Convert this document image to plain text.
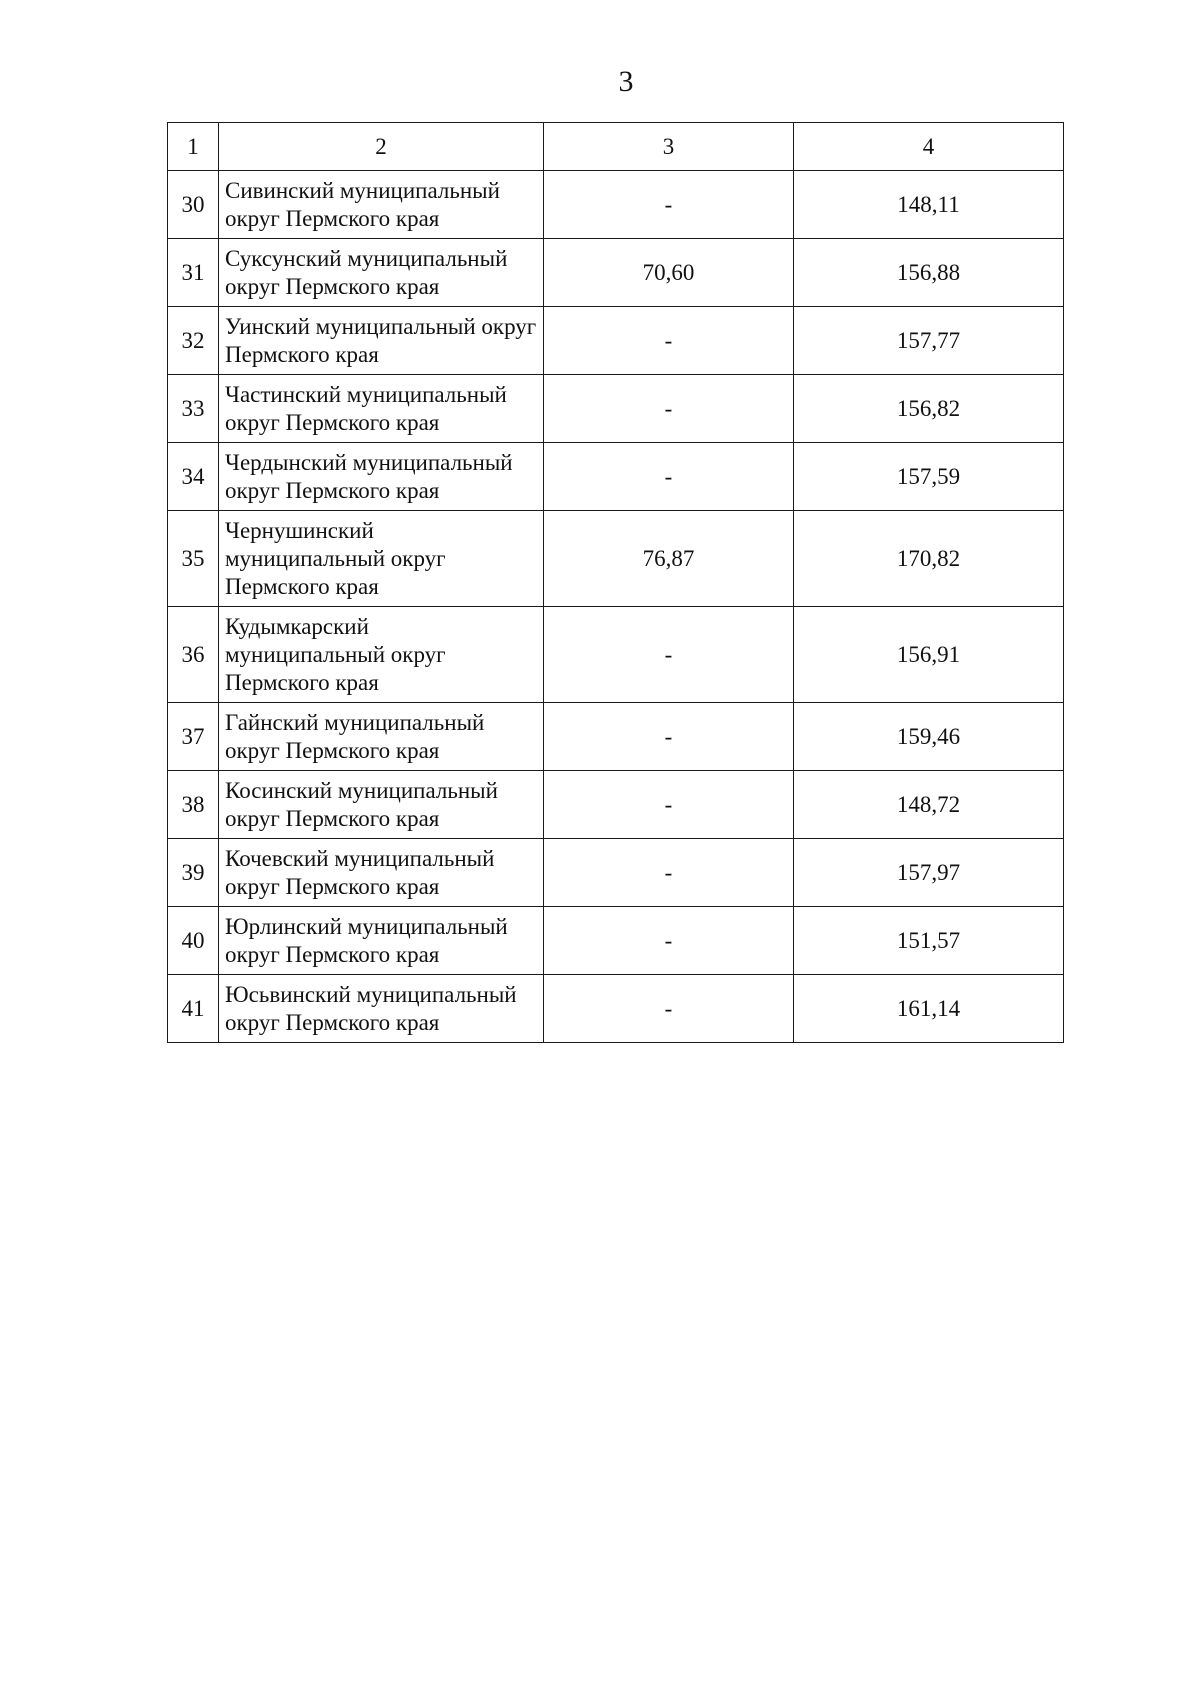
3
1	2	3	4
30	Сивинский муниципальный округ Пермского края	-	148,11
31	Суксунский муниципальный округ Пермского края	70,60	156,88
32	Уинский муниципальный округ Пермского края	-	157,77
33	Частинский муниципальный округ Пермского края	-	156,82
34	Чердынский муниципальный округ Пермского края	-	157,59
35	Чернушинский муниципальный округ Пермского края	76,87	170,82
36	Кудымкарский муниципальный округ Пермского края	-	156,91
37	Гайнский муниципальный округ Пермского края	-	159,46
38	Косинский муниципальный округ Пермского края	-	148,72
39	Кочевский муниципальный округ Пермского края	-	157,97
40	Юрлинский муниципальный округ Пермского края	-	151,57
41	Юсьвинский муниципальный округ Пермского края	-	161,14
